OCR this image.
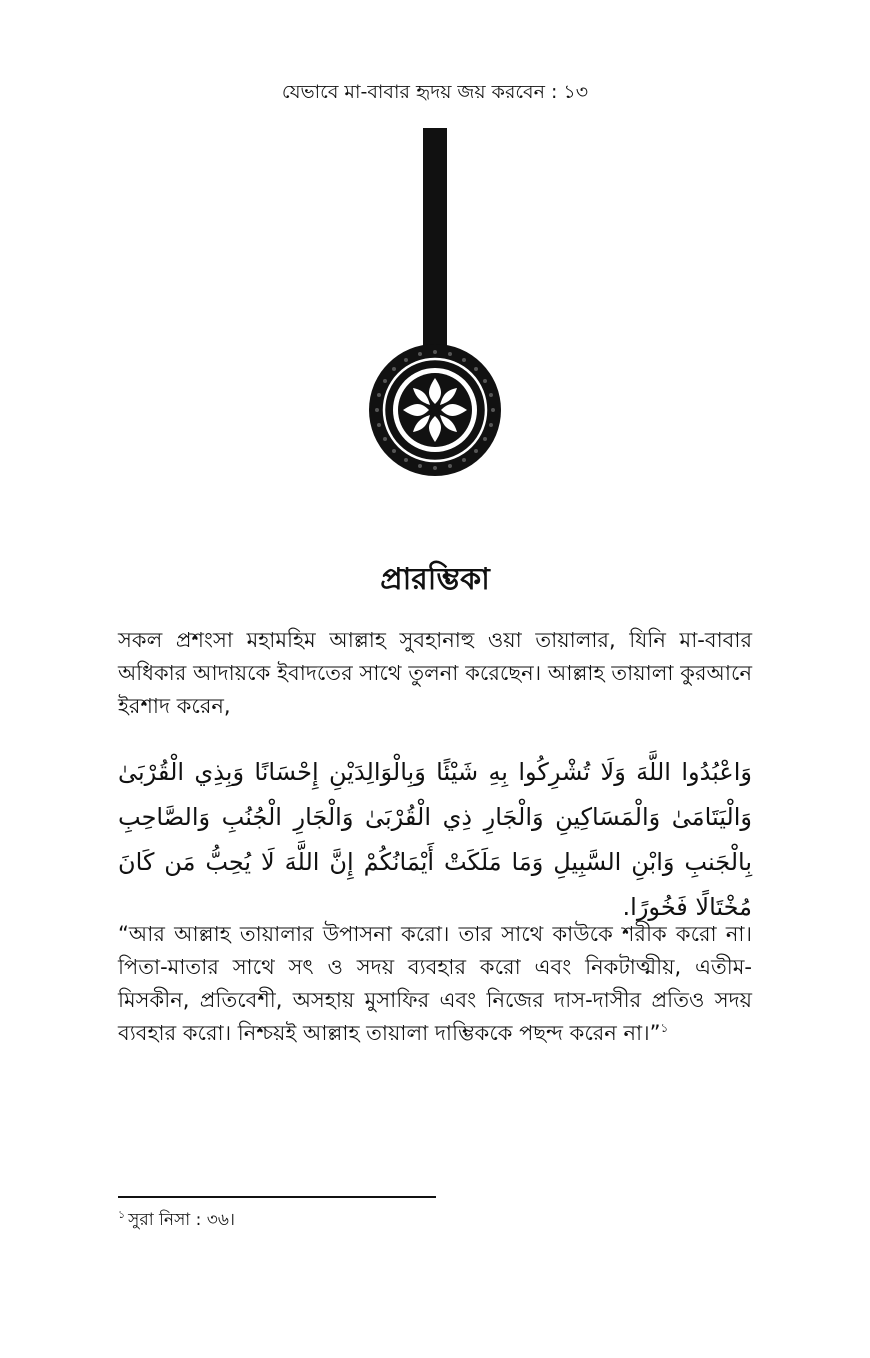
যেভাবে মা-বাবার হৃদয় জয় করবেন : ১৩
প্রারম্ভিকা
সকল প্রশংসা মহামহিম আল্লাহ সুবহানাহু ওয়া তায়ালার, যিনি মা-বাবার অধিকার আদায়কে ইবাদতের সাথে তুলনা করেছেন। আল্লাহ তায়ালা কুরআনে ইরশাদ করেন,
وَاعْبُدُوا اللَّهَ وَلَا تُشْرِكُوا بِهِ شَيْئًا وَبِالْوَالِدَيْنِ إِحْسَانًا وَبِذِي الْقُرْبَىٰ وَالْيَتَامَىٰ وَالْمَسَاكِينِ وَالْجَارِ ذِي الْقُرْبَىٰ وَالْجَارِ الْجُنُبِ وَالصَّاحِبِ بِالْجَنبِ وَابْنِ السَّبِيلِ وَمَا مَلَكَتْ أَيْمَانُكُمْ إِنَّ اللَّهَ لَا يُحِبُّ مَن كَانَ مُخْتَالًا فَخُورًا.
“আর আল্লাহ তায়ালার উপাসনা করো। তার সাথে কাউকে শরীক করো না। পিতা-মাতার সাথে সৎ ও সদয় ব্যবহার করো এবং নিকটাত্মীয়, এতীম-মিসকীন, প্রতিবেশী, অসহায় মুসাফির এবং নিজের দাস-দাসীর প্রতিও সদয় ব্যবহার করো। নিশ্চয়ই আল্লাহ তায়ালা দাম্ভিককে পছন্দ করেন না।”$^১$
$^১$ সুরা নিসা : ৩৬।
